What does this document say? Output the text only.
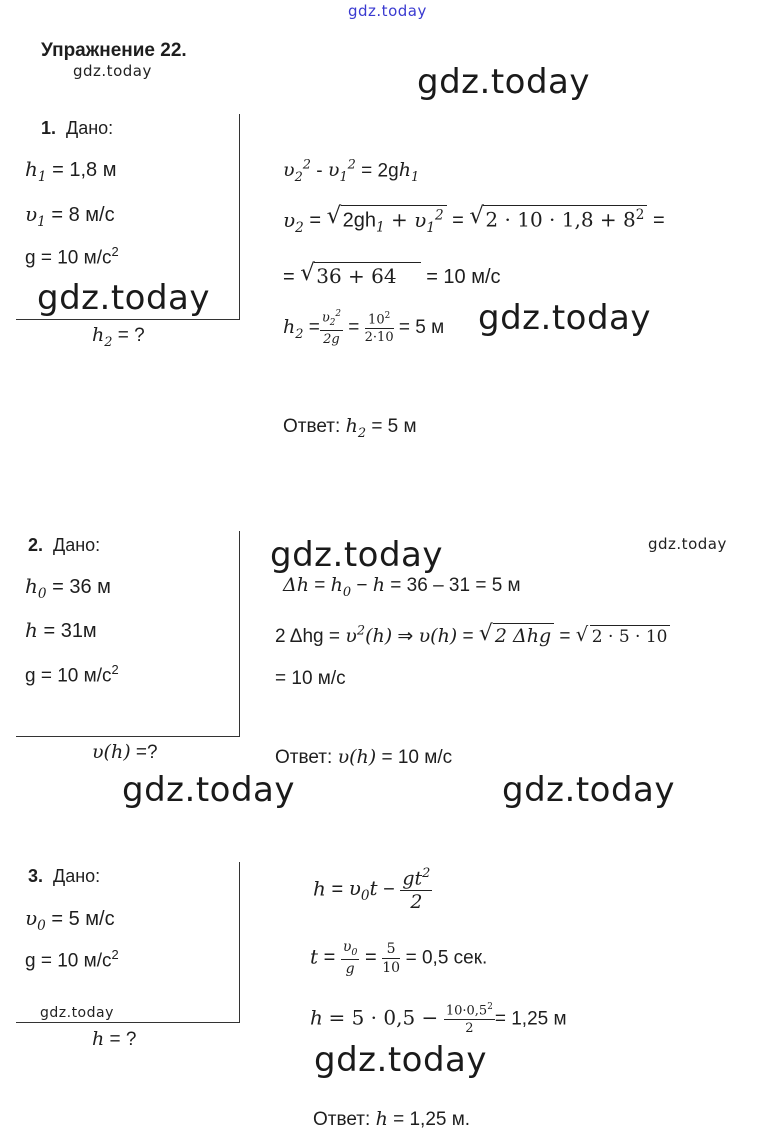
gdz.today
gdz.today	gdz.today
gdz.today	gdz.today
gdz.today	gdz.today
gdz.today	gdz.today
gdz.today
gdz.today
Упражнение 22.
1. Дано:
$h_1 = 1,8$ м
$\upsilon_1 = 8$ м/с
g = 10 $м/с^2$
$h_2$ = ?
$\upsilon_2^2 - \upsilon_1^2 = 2gh_1$
$\upsilon_2$ = √ $2gh_1 + \upsilon_1^2$ = √ $2 \cdot 10 \cdot 1,8 + 8^2$ =
= √ 36 + 64 = 10 м/с
$h_2 = \frac{\upsilon_2^2}{2g} = \frac{10^2}{2\cdot 10} = 5$ м
Ответ: $h_2 = 5$ м
2. Дано:
$h_0 = 36$ м
h = 31м
g = 10 $м/с^2$
υ(h) =?
$\Delta h = h_0 - h = 36 - 31 = 5$ м
2 $\Delta hg = \upsilon^2(h)$ ⇒ υ(h) = √ 2 Δhg = √ 2 · 5 · 10
= 10 м/с
Ответ: υ(h) = 10 м/с
3. Дано:
$\upsilon_0 = 5$ м/с
g = 10 $м/с^2$
h = ?
$h = \upsilon_0t - \frac{gt^2}{2}$
$t = \frac{\upsilon_0}{g} = \frac{5}{10} = 0,5$ сек.
$h = 5 \cdot 0,5 - \frac{10\cdot 0,5^2}{2} = 1,25$ м
Ответ: h = 1,25 м.
